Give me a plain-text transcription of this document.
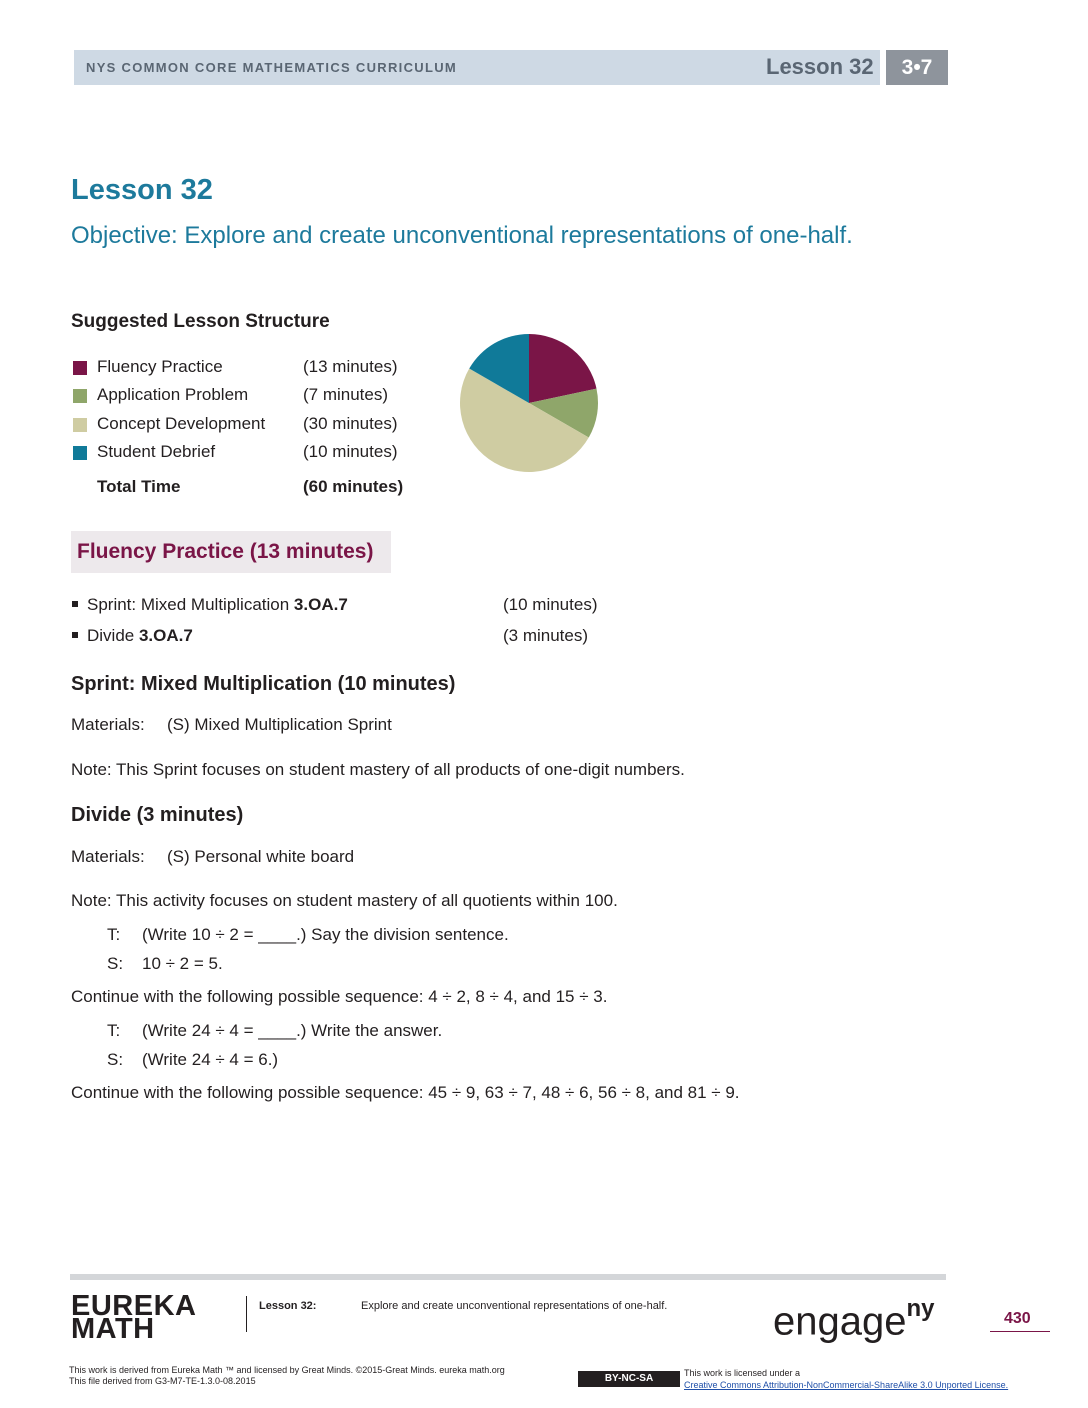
NYS COMMON CORE MATHEMATICS CURRICULUM	Lesson 32	3•7
Lesson 32
Objective: Explore and create unconventional representations of one-half.
Suggested Lesson Structure
Fluency Practice	(13 minutes)
Application Problem	(7 minutes)
Concept Development (30 minutes)
Student Debrief	(10 minutes)
Total Time	(60 minutes)
Fluency Practice (13 minutes)
Sprint: Mixed Multiplication 3.OA.7	(10 minutes)
Divide 3.OA.7	(3 minutes)
Sprint: Mixed Multiplication (10 minutes)
Materials: (S) Mixed Multiplication Sprint
Note: This Sprint focuses on student mastery of all products of one-digit numbers.
Divide (3 minutes)
Materials: (S) Personal white board
Note: This activity focuses on student mastery of all quotients within 100.
T: (Write 10 ÷ 2 = ____.) Say the division sentence.
S: 10 ÷ 2 = 5.
Continue with the following possible sequence: 4 ÷ 2, 8 ÷ 4, and 15 ÷ 3.
T: (Write 24 ÷ 4 = ____.) Write the answer.
S: (Write 24 ÷ 4 = 6.)
Continue with the following possible sequence: 45 ÷ 9, 63 ÷ 7, 48 ÷ 6, 56 ÷ 8, and 81 ÷ 9.
EUREKA
MATH
Lesson 32:	Explore and create unconventional representations of one-half.	engage$^{ny}$	430
This work is derived from Eureka Math ™ and licensed by Great Minds. ©2015-Great Minds. eureka math.org
This file derived from G3-M7-TE-1.3.0-08.2015	BY-NC-SA	This work is licensed under a
Creative Commons Attribution-NonCommercial-ShareAlike 3.0 Unported License.
